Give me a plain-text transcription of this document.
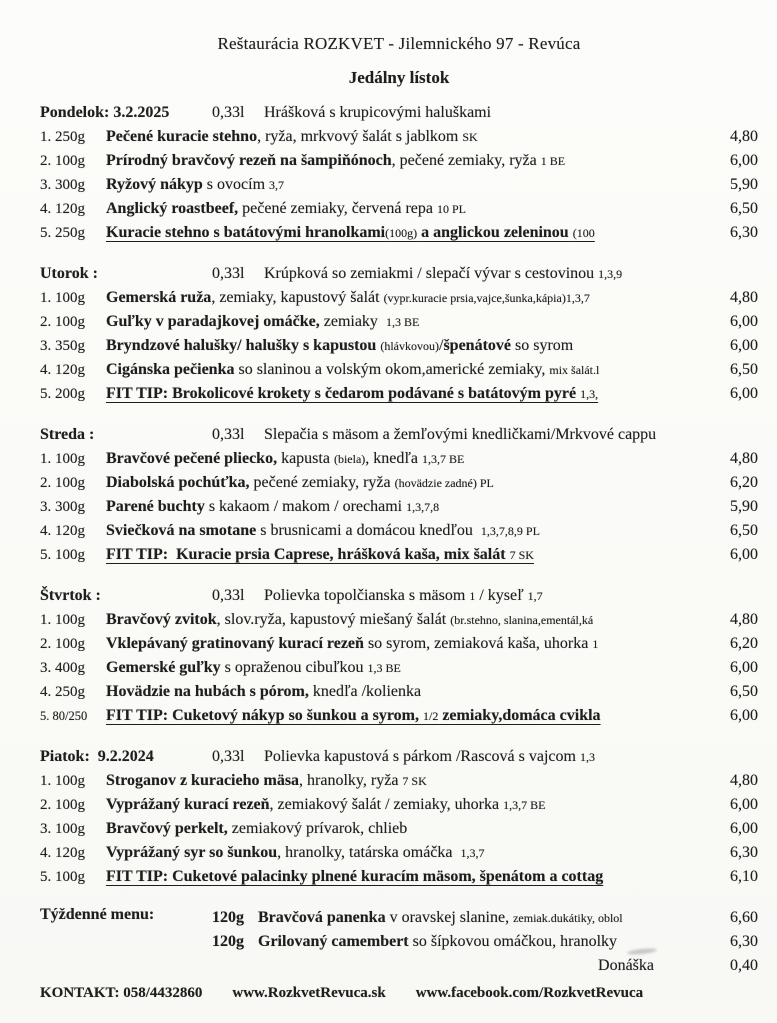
Reštaurácia ROZKVET - Jilemnického 97 - Revúca
Jedálny lístok
Pondelok: 3.2.2025	0,33l	Hrášková s krupicovými haluškami
1. 250g	Pečené kuracie stehno, ryža, mrkvový šalát s jablkom SK	4,80
2. 100g	Prírodný bravčový rezeň na šampiňónoch, pečené zemiaky, ryža 1 BE	6,00
3. 300g	Ryžový nákyp s ovocím 3,7	5,90
4. 120g	Anglický roastbeef, pečené zemiaky, červená repa 10 PL	6,50
5. 250g	Kuracie stehno s batátovými hranolkami(100g) a anglickou zeleninou (100	6,30
Utorok :	0,33l	Krúpková so zemiakmi / slepačí vývar s cestovinou 1,3,9
1. 100g	Gemerská ruža, zemiaky, kapustový šalát (vypr.kuracie prsia,vajce,šunka,kápia)1,3,7	4,80
2. 100g	Guľky v paradajkovej omáčke, zemiaky  1,3 BE	6,00
3. 350g	Bryndzové halušky/ halušky s kapustou (hlávkovou)/špenátové so syrom	6,00
4. 120g	Cigánska pečienka so slaninou a volským okom,americké zemiaky, mix šalát.l	6,50
5. 200g	FIT TIP: Brokolicové krokety s čedarom podávané s batátovým pyré 1,3,	6,00
Streda :	0,33l	Slepačia s mäsom a žemľovými knedličkami/Mrkvové cappu
1. 100g	Bravčové pečené pliecko, kapusta (biela), knedľa 1,3,7 BE	4,80
2. 100g	Diabolská pochúťka, pečené zemiaky, ryža (hovädzie zadné) PL	6,20
3. 300g	Parené buchty s kakaom / makom / orechami 1,3,7,8	5,90
4. 120g	Sviečková na smotane s brusnicami a domácou knedľou  1,3,7,8,9 PL	6,50
5. 100g	FIT TIP:  Kuracie prsia Caprese, hrášková kaša, mix šalát 7 SK	6,00
Štvrtok :	0,33l	Polievka topolčianska s mäsom 1 / kyseľ 1,7
1. 100g	Bravčový zvitok, slov.ryža, kapustový miešaný šalát (br.stehno, slanina,ementál,ká	4,80
2. 100g	Vklepávaný gratinovaný kurací rezeň so syrom, zemiaková kaša, uhorka 1	6,20
3. 400g	Gemerské guľky s opraženou cibuľkou 1,3 BE	6,00
4. 250g	Hovädzie na hubách s pórom, knedľa /kolienka	6,50
5. 80/250	FIT TIP: Cuketový nákyp so šunkou a syrom, 1/2 zemiaky,domáca cvikla	6,00
Piatok:  9.2.2024	0,33l	Polievka kapustová s párkom /Rascová s vajcom 1,3
1. 100g	Stroganov z kuracieho mäsa, hranolky, ryža 7 SK	4,80
2. 100g	Vyprážaný kurací rezeň, zemiakový šalát / zemiaky, uhorka 1,3,7 BE	6,00
3. 100g	Bravčový perkelt, zemiakový prívarok, chlieb	6,00
4. 120g	Vyprážaný syr so šunkou, hranolky, tatárska omáčka  1,3,7	6,30
5. 100g	FIT TIP: Cuketové palacinky plnené kuracím mäsom, špenátom a cottag	6,10
Týždenné menu:	120g Bravčová panenka v oravskej slanine, zemiak.dukátiky, oblol	6,60
120g Grilovaný camembert so šípkovou omáčkou, hranolky	6,30
Donáška	0,40
KONTAKT: 058/4432860 www.RozkvetRevuca.sk www.facebook.com/RozkvetRevuca
